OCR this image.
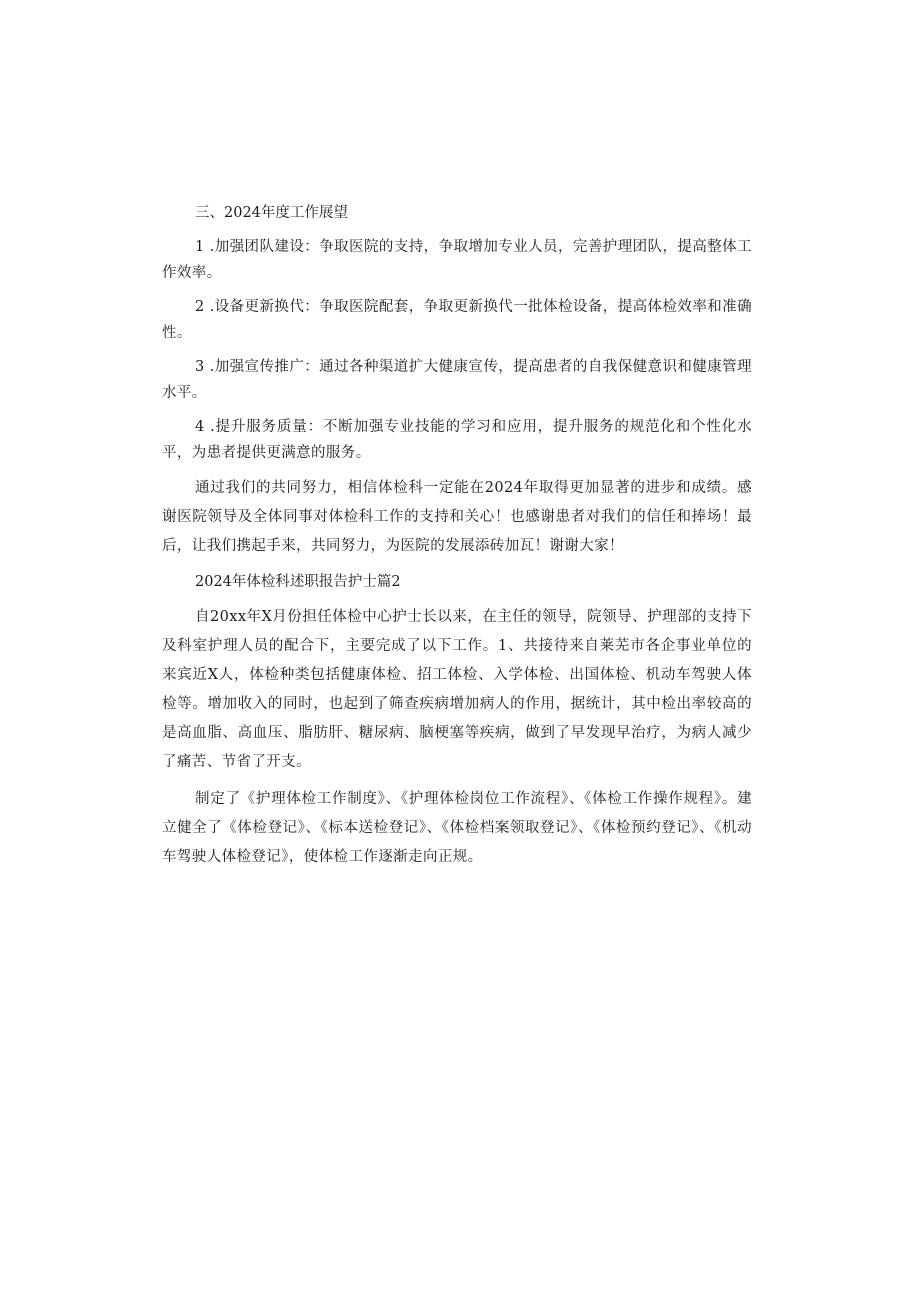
三、2024年度工作展望

1 .加强团队建设：争取医院的支持，争取增加专业人员，完善护理团队，提高整体工作效率。

2 .设备更新换代：争取医院配套，争取更新换代一批体检设备，提高体检效率和准确性。

3 .加强宣传推广：通过各种渠道扩大健康宣传，提高患者的自我保健意识和健康管理水平。

4 .提升服务质量：不断加强专业技能的学习和应用，提升服务的规范化和个性化水平，为患者提供更满意的服务。

通过我们的共同努力，相信体检科一定能在2024年取得更加显著的进步和成绩。感谢医院领导及全体同事对体检科工作的支持和关心！也感谢患者对我们的信任和捧场！最后，让我们携起手来，共同努力，为医院的发展添砖加瓦！谢谢大家！

2024年体检科述职报告护士篇2

自20xx年X月份担任体检中心护士长以来，在主任的领导，院领导、护理部的支持下及科室护理人员的配合下，主要完成了以下工作。1、共接待来自莱芜市各企事业单位的来宾近X人，体检种类包括健康体检、招工体检、入学体检、出国体检、机动车驾驶人体检等。增加收入的同时，也起到了筛查疾病增加病人的作用，据统计，其中检出率较高的是高血脂、高血压、脂肪肝、糖尿病、脑梗塞等疾病，做到了早发现早治疗，为病人减少了痛苦、节省了开支。

制定了《护理体检工作制度》、《护理体检岗位工作流程》、《体检工作操作规程》。建立健全了《体检登记》、《标本送检登记》、《体检档案领取登记》、《体检预约登记》、《机动车驾驶人体检登记》，使体检工作逐渐走向正规。
